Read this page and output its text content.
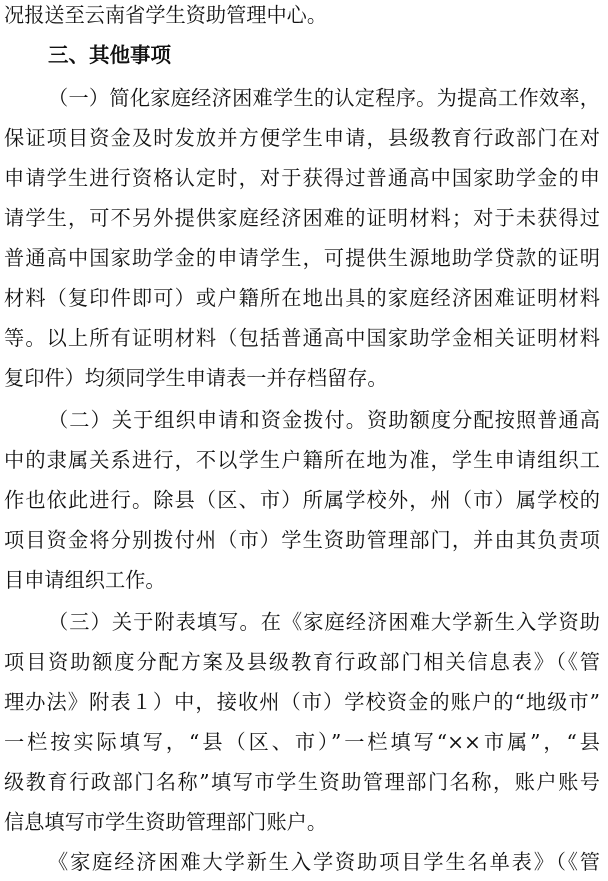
况报送至云南省学生资助管理中心。
三、其他事项
（一）简化家庭经济困难学生的认定程序。为提高工作效率，
保证项目资金及时发放并方便学生申请，县级教育行政部门在对
申请学生进行资格认定时，对于获得过普通高中国家助学金的申
请学生，可不另外提供家庭经济困难的证明材料；对于未获得过
普通高中国家助学金的申请学生，可提供生源地助学贷款的证明
材料（复印件即可）或户籍所在地出具的家庭经济困难证明材料
等。以上所有证明材料（包括普通高中国家助学金相关证明材料
复印件）均须同学生申请表一并存档留存。
（二）关于组织申请和资金拨付。资助额度分配按照普通高
中的隶属关系进行，不以学生户籍所在地为准，学生申请组织工
作也依此进行。除县（区、市）所属学校外，州（市）属学校的
项目资金将分别拨付州（市）学生资助管理部门，并由其负责项
目申请组织工作。
（三）关于附表填写。在《家庭经济困难大学新生入学资助
项目资助额度分配方案及县级教育行政部门相关信息表》（《管
理办法》附表１）中，接收州（市）学校资金的账户的“地级市”
一栏按实际填写，“县（区、市）”一栏填写“××市属”，“县
级教育行政部门名称”填写市学生资助管理部门名称，账户账号
信息填写市学生资助管理部门账户。
《家庭经济困难大学新生入学资助项目学生名单表》（《管
